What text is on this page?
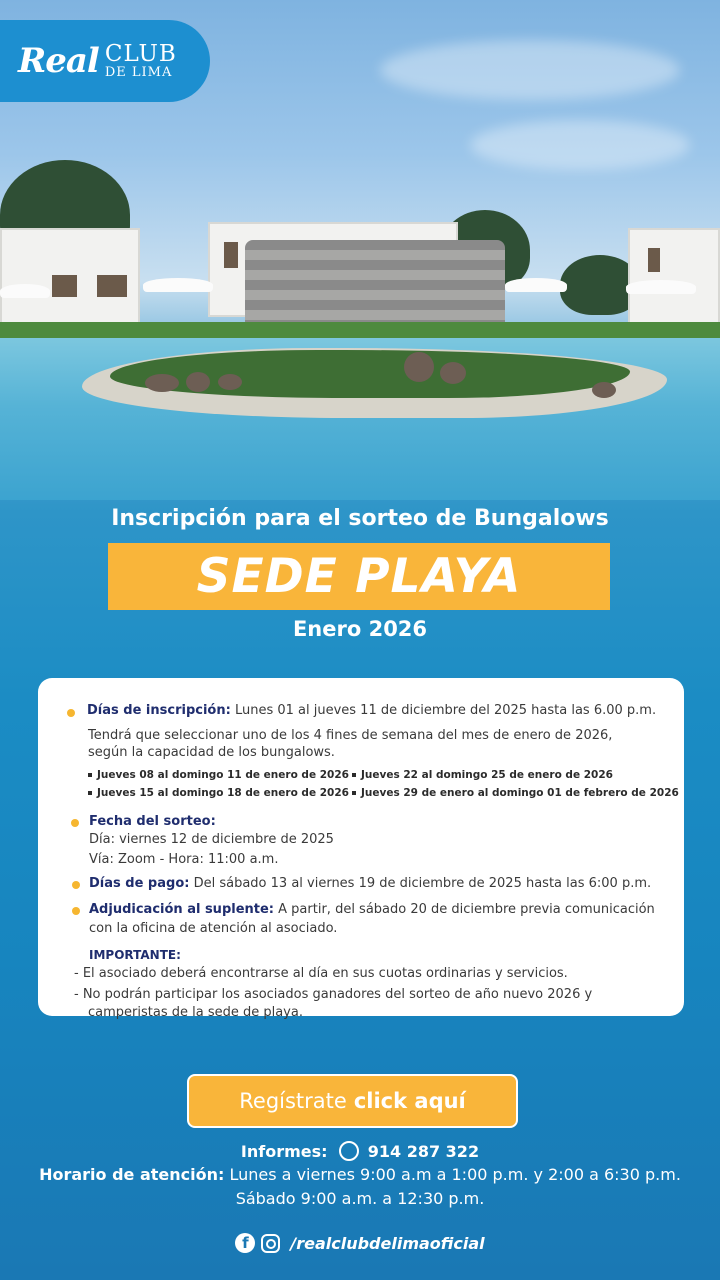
Real CLUB
DE LIMA
Inscripción para el sorteo de Bungalows
SEDE PLAYA
Enero 2026
Días de inscripción: Lunes 01 al jueves 11 de diciembre del 2025 hasta las 6.00 p.m.
Tendrá que seleccionar uno de los 4 fines de semana del mes de enero de 2026,
según la capacidad de los bungalows.
Jueves 08 al domingo 11 de enero de 2026
Jueves 15 al domingo 18 de enero de 2026
Jueves 22 al domingo 25 de enero de 2026
Jueves 29 de enero al domingo 01 de febrero de 2026
Fecha del sorteo:
Día: viernes 12 de diciembre de 2025
Vía: Zoom - Hora: 11:00 a.m.
Días de pago: Del sábado 13 al viernes 19 de diciembre de 2025 hasta las 6:00 p.m.
Adjudicación al suplente: A partir, del sábado 20 de diciembre previa comunicación
con la oficina de atención al asociado.
IMPORTANTE:
- El asociado deberá encontrarse al día en sus cuotas ordinarias y servicios.
- No podrán participar los asociados ganadores del sorteo de año nuevo 2026 y
camperistas de la sede de playa.
Regístrate click aquí
Informes:	914 287 322
Horario de atención: Lunes a viernes 9:00 a.m a 1:00 p.m. y 2:00 a 6:30 p.m.
Sábado 9:00 a.m. a 12:30 p.m.
f	/realclubdelimaoficial
